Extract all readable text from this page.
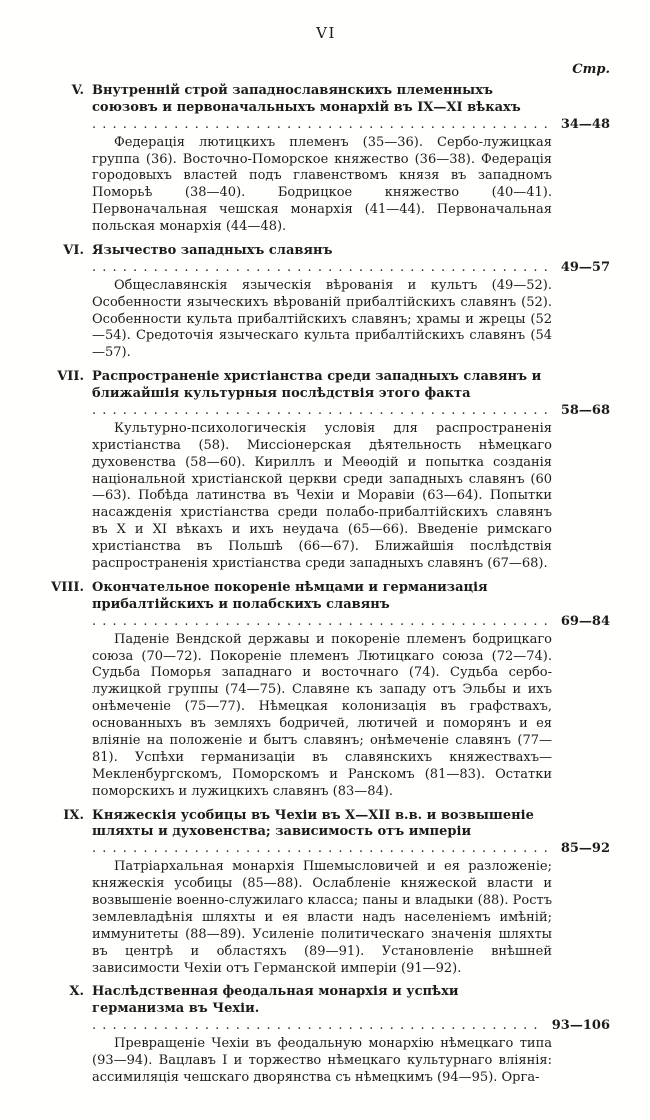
VI
Стр.
V. Внутренній строй западнославянскихъ племенныхъ союзовъ и первоначальныхъ монархій въ IX—XI вѣкахъ . . .
34—48

Федерація лютицкихъ племенъ (35—36). Сербо-лужицкая группа (36). Восточно-Поморское княжество (36—38). Федерація городовыхъ властей подъ главенствомъ князя въ западномъ Поморьѣ (38—40). Бодрицкое княжество (40—41). Первоначальная чешская монархія (41—44). Первоначальная польская монархія (44—48).

VI. Язычество западныхъ славянъ . . .
49—57

Общеславянскія языческія вѣрованія и культъ (49—52). Особенности языческихъ вѣрованій прибалтійскихъ славянъ (52). Особенности культа прибалтійскихъ славянъ; храмы и жрецы (52—54). Средоточія языческаго культа прибалтійскихъ славянъ (54—57).

VII. Распространеніе христіанства среди западныхъ славянъ и ближайшія культурныя послѣдствія этого факта . . .
58—68

Культурно-психологическія условія для распространенія христіанства (58). Миссіонерская дѣятельность нѣмецкаго духовенства (58—60). Кириллъ и Меѳодій и попытка созданія національной христіанской церкви среди западныхъ славянъ (60—63). Побѣда латинства въ Чехіи и Моравіи (63—64). Попытки насажденія христіанства среди полабо-прибалтійскихъ славянъ въ X и XI вѣкахъ и ихъ неудача (65—66). Введеніе римскаго христіанства въ Польшѣ (66—67). Ближайшія послѣдствія распространенія христіанства среди западныхъ славянъ (67—68).

VIII. Окончательное покореніе нѣмцами и германизація прибалтійскихъ и полабскихъ славянъ . . .
69—84

Паденіе Вендской державы и покореніе племенъ бодрицкаго союза (70—72). Покореніе племенъ Лютицкаго союза (72—74). Судьба Поморья западнаго и восточнаго (74). Судьба сербо-лужицкой группы (74—75). Славяне къ западу отъ Эльбы и ихъ онѣмеченіе (75—77). Нѣмецкая колонизація въ графствахъ, основанныхъ въ земляхъ бодричей, лютичей и поморянъ и ея вліяніе на положеніе и бытъ славянъ; онѣмеченіе славянъ (77—81). Успѣхи германизаціи въ славянскихъ княжествахъ—Мекленбургскомъ, Поморскомъ и Ранскомъ (81—83). Остатки поморскихъ и лужицкихъ славянъ (83—84).

IX. Княжескія усобицы въ Чехіи въ X—XII в.в. и возвышеніе шляхты и духовенства; зависимость отъ имперіи . . .
85—92

Патріархальная монархія Пшемысловичей и ея разложеніе; княжескія усобицы (85—88). Ослабленіе княжеской власти и возвышеніе военно-служилаго класса; паны и владыки (88). Ростъ землевладѣнія шляхты и ея власти надъ населеніемъ имѣній; иммунитеты (88—89). Усиленіе политическаго значенія шляхты въ центрѣ и областяхъ (89—91). Установленіе внѣшней зависимости Чехіи отъ Германской имперіи (91—92).

X. Наслѣдственная феодальная монархія и успѣхи германизма въ Чехіи. . . .
93—106

Превращеніе Чехіи въ феодальную монархію нѣмецкаго типа (93—94). Вацлавъ I и торжество нѣмецкаго культурнаго вліянія: ассимиляція чешскаго дворянства съ нѣмецкимъ (94—95). Орга-
